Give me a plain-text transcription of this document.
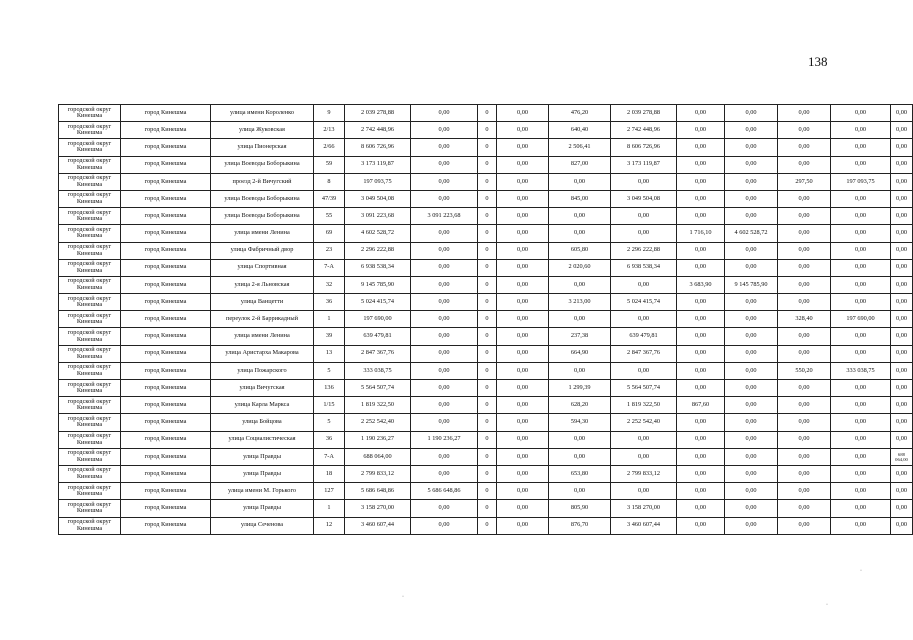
138
городской округ Кинешма	город Кинешма	улица имени Короленко	9	2 039 278,88	0,00	0	0,00	476,20	2 039 278,88	0,00	0,00	0,00	0,00	0,00
городской округ Кинешма	город Кинешма	улица Жуковская	2/13	2 742 448,96	0,00	0	0,00	640,40	2 742 448,96	0,00	0,00	0,00	0,00	0,00
городской округ Кинешма	город Кинешма	улица Пионерская	2/66	8 606 726,96	0,00	0	0,00	2 506,41	8 606 726,96	0,00	0,00	0,00	0,00	0,00
городской округ Кинешма	город Кинешма	улица Воеводы Боборыкина	59	3 173 119,87	0,00	0	0,00	827,00	3 173 119,87	0,00	0,00	0,00	0,00	0,00
городской округ Кинешма	город Кинешма	проезд 2-й Вичугский	8	197 093,75	0,00	0	0,00	0,00	0,00	0,00	0,00	297,50	197 093,75	0,00
городской округ Кинешма	город Кинешма	улица Воеводы Боборыкина	47/39	3 049 504,08	0,00	0	0,00	845,00	3 049 504,08	0,00	0,00	0,00	0,00	0,00
городской округ Кинешма	город Кинешма	улица Воеводы Боборыкина	55	3 091 223,68	3 091 223,68	0	0,00	0,00	0,00	0,00	0,00	0,00	0,00	0,00
городской округ Кинешма	город Кинешма	улица имени Ленина	69	4 602 528,72	0,00	0	0,00	0,00	0,00	1 716,10	4 602 528,72	0,00	0,00	0,00
городской округ Кинешма	город Кинешма	улица Фабричный двор	23	2 296 222,88	0,00	0	0,00	605,80	2 296 222,88	0,00	0,00	0,00	0,00	0,00
городской округ Кинешма	город Кинешма	улица Спортивная	7-А	6 938 538,34	0,00	0	0,00	2 020,60	6 938 538,34	0,00	0,00	0,00	0,00	0,00
городской округ Кинешма	город Кинешма	улица 2-я Льновская	32	9 145 785,90	0,00	0	0,00	0,00	0,00	3 683,90	9 145 785,90	0,00	0,00	0,00
городской округ Кинешма	город Кинешма	улица Ванцетти	36	5 024 415,74	0,00	0	0,00	3 213,00	5 024 415,74	0,00	0,00	0,00	0,00	0,00
городской округ Кинешма	город Кинешма	переулок 2-й Баррикадный	1	197 690,00	0,00	0	0,00	0,00	0,00	0,00	0,00	328,40	197 690,00	0,00
городской округ Кинешма	город Кинешма	улица имени Ленина	39	639 479,81	0,00	0	0,00	237,38	639 479,81	0,00	0,00	0,00	0,00	0,00
городской округ Кинешма	город Кинешма	улица Аристарха Макарова	13	2 847 367,76	0,00	0	0,00	664,90	2 847 367,76	0,00	0,00	0,00	0,00	0,00
городской округ Кинешма	город Кинешма	улица Пожарского	5	333 038,75	0,00	0	0,00	0,00	0,00	0,00	0,00	550,20	333 038,75	0,00
городской округ Кинешма	город Кинешма	улица Вичугская	136	5 564 507,74	0,00	0	0,00	1 299,39	5 564 507,74	0,00	0,00	0,00	0,00	0,00
городской округ Кинешма	город Кинешма	улица Карла Маркса	1/15	1 819 322,50	0,00	0	0,00	628,20	1 819 322,50	867,60	0,00	0,00	0,00	0,00
городской округ Кинешма	город Кинешма	улица Бойцова	5	2 252 542,40	0,00	0	0,00	594,30	2 252 542,40	0,00	0,00	0,00	0,00	0,00
городской округ Кинешма	город Кинешма	улица Социалистическая	36	1 190 236,27	1 190 236,27	0	0,00	0,00	0,00	0,00	0,00	0,00	0,00	0,00
городской округ Кинешма	город Кинешма	улица Правды	7-А	688 064,00	0,00	0	0,00	0,00	0,00	0,00	0,00	0,00	0,00	688 064,00
городской округ Кинешма	город Кинешма	улица Правды	18	2 799 833,12	0,00	0	0,00	653,80	2 799 833,12	0,00	0,00	0,00	0,00	0,00
городской округ Кинешма	город Кинешма	улица имени М. Горького	127	5 686 648,86	5 686 648,86	0	0,00	0,00	0,00	0,00	0,00	0,00	0,00	0,00
городской округ Кинешма	город Кинешма	улица Правды	1	3 158 270,00	0,00	0	0,00	805,90	3 158 270,00	0,00	0,00	0,00	0,00	0,00
городской округ Кинешма	город Кинешма	улица Сеченова	12	3 460 607,44	0,00	0	0,00	876,70	3 460 607,44	0,00	0,00	0,00	0,00	0,00
·
·
·
